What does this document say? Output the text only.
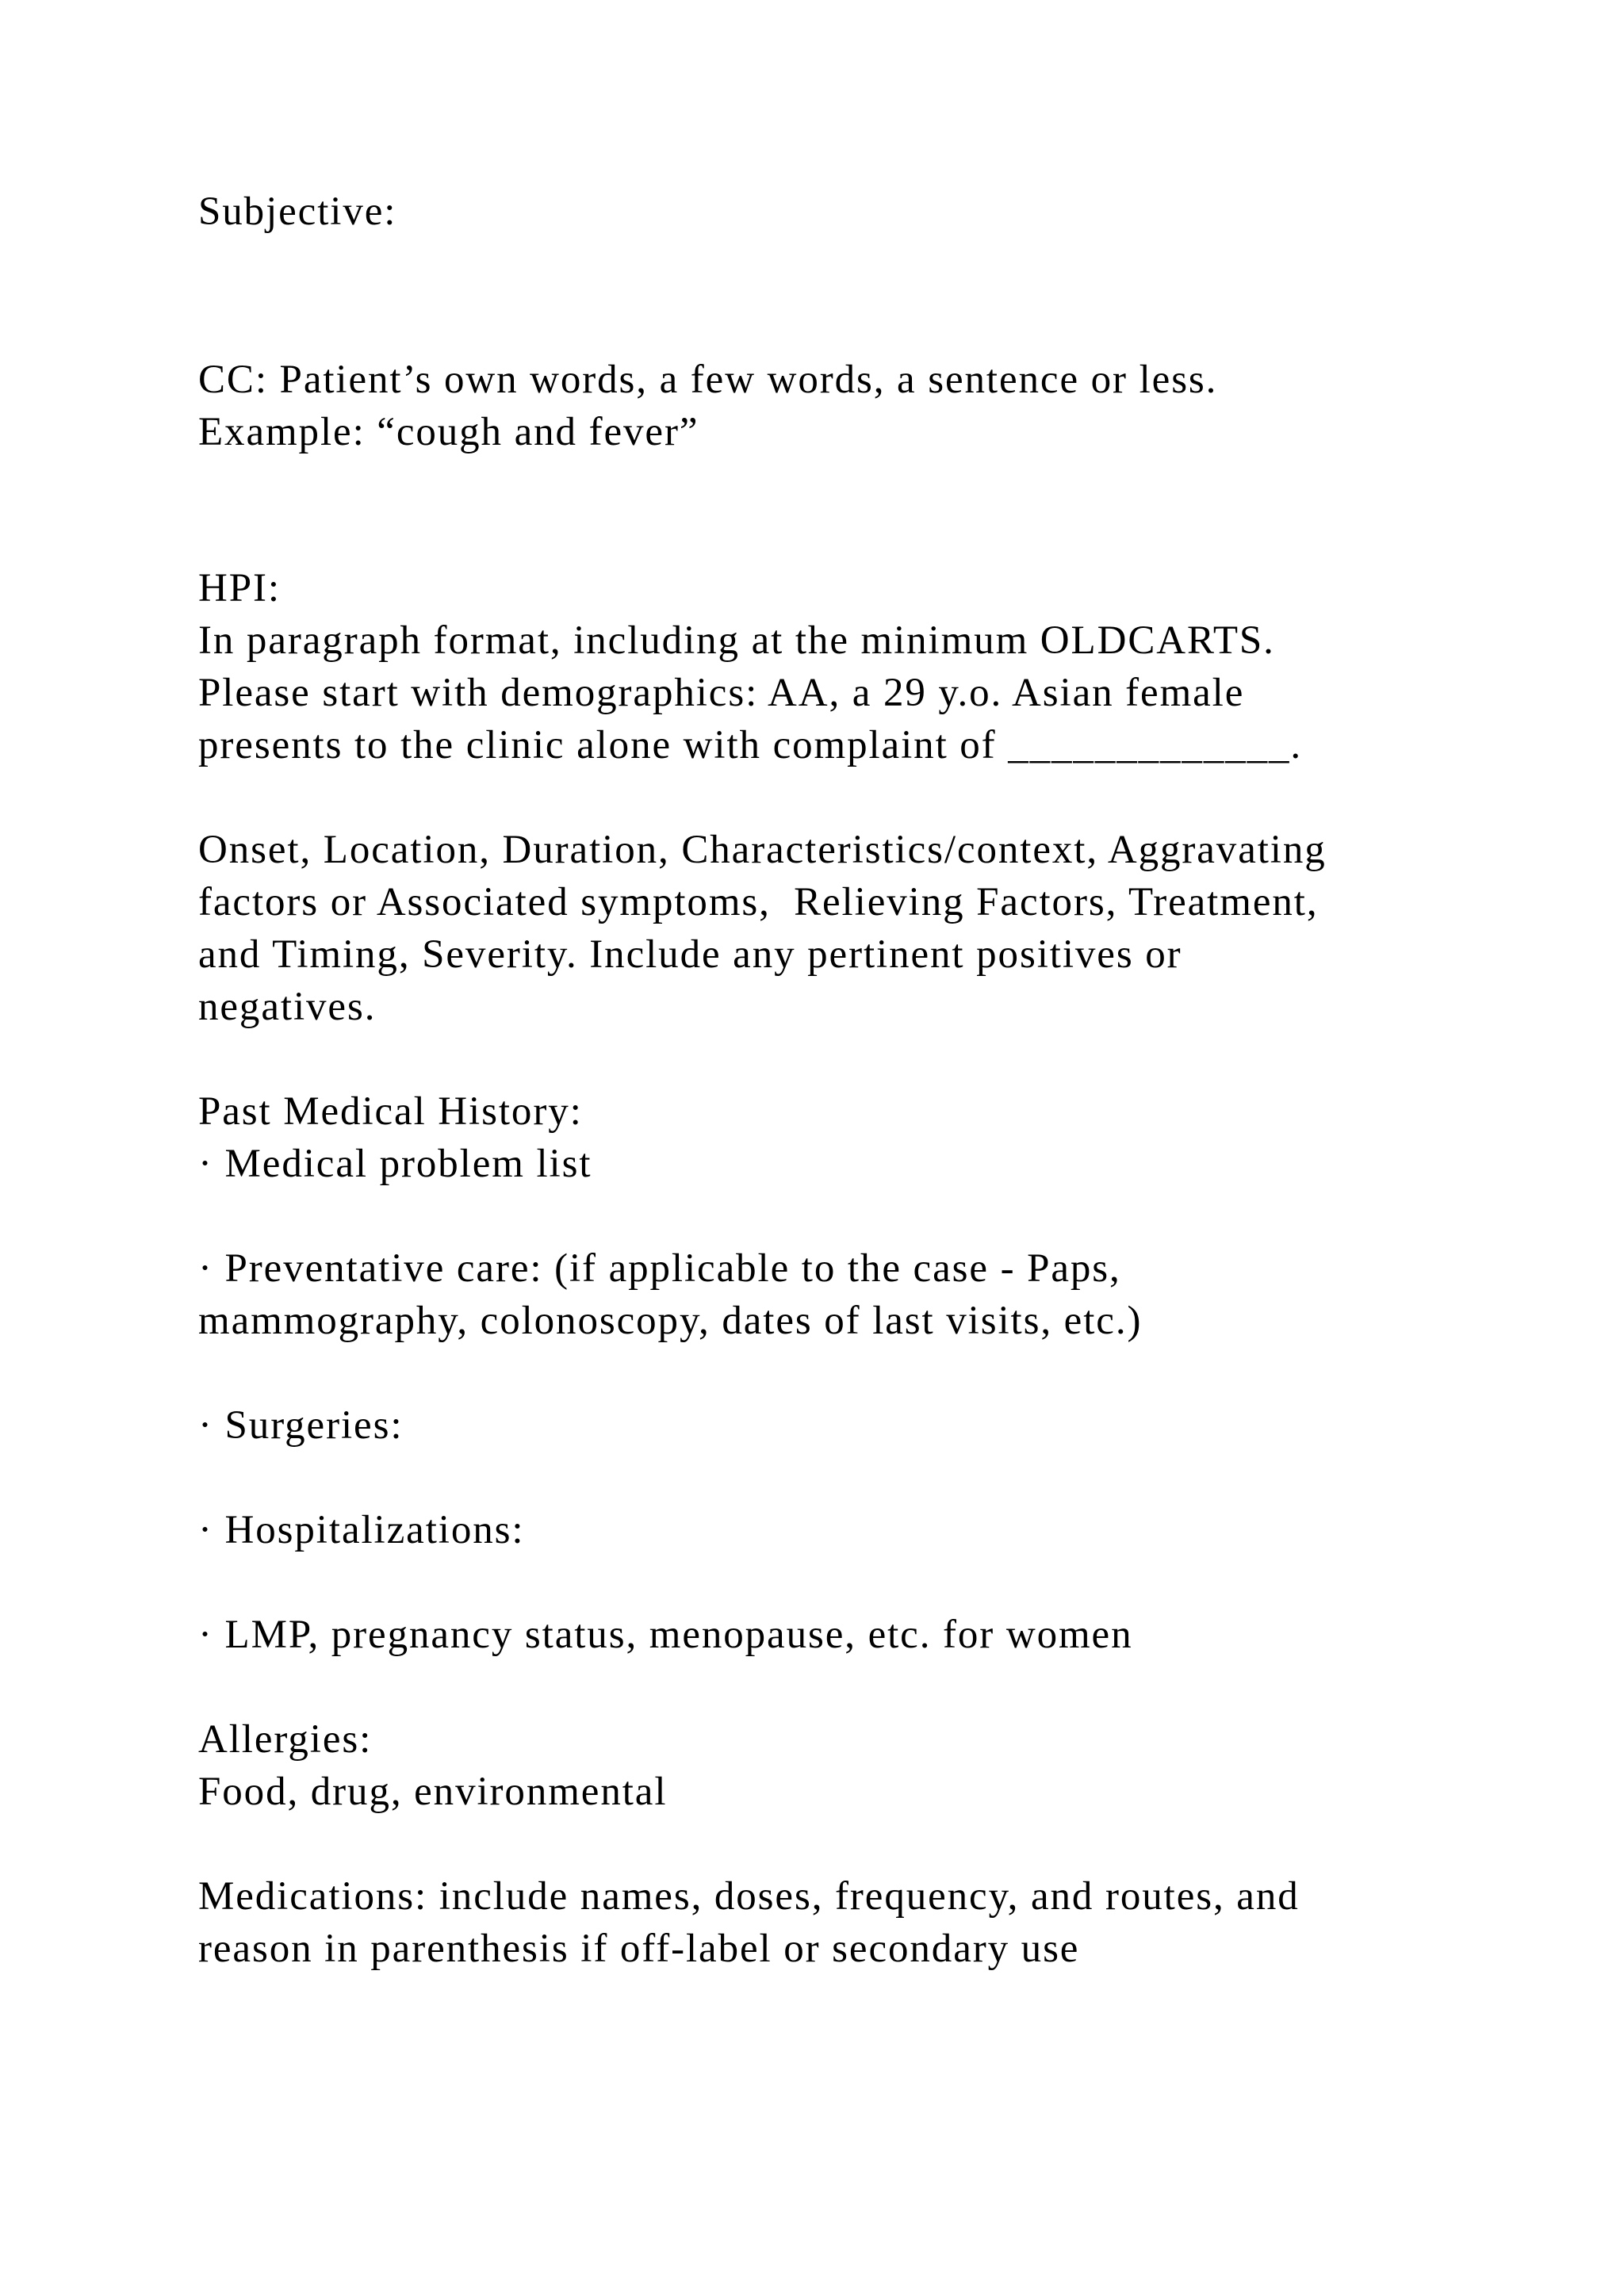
Subjective:

CC: Patient’s own words, a few words, a sentence or less.

Example: “cough and fever”

HPI:

In paragraph format, including at the minimum OLDCARTS.

Please start with demographics: AA, a 29 y.o. Asian female

presents to the clinic alone with complaint of _____________.

Onset, Location, Duration, Characteristics/context, Aggravating

factors or Associated symptoms,  Relieving Factors, Treatment,

and Timing, Severity. Include any pertinent positives or

negatives.

Past Medical History:

· Medical problem list

· Preventative care: (if applicable to the case - Paps,

mammography, colonoscopy, dates of last visits, etc.)

· Surgeries:

· Hospitalizations:

· LMP, pregnancy status, menopause, etc. for women

Allergies:

Food, drug, environmental

Medications: include names, doses, frequency, and routes, and

reason in parenthesis if off-label or secondary use
